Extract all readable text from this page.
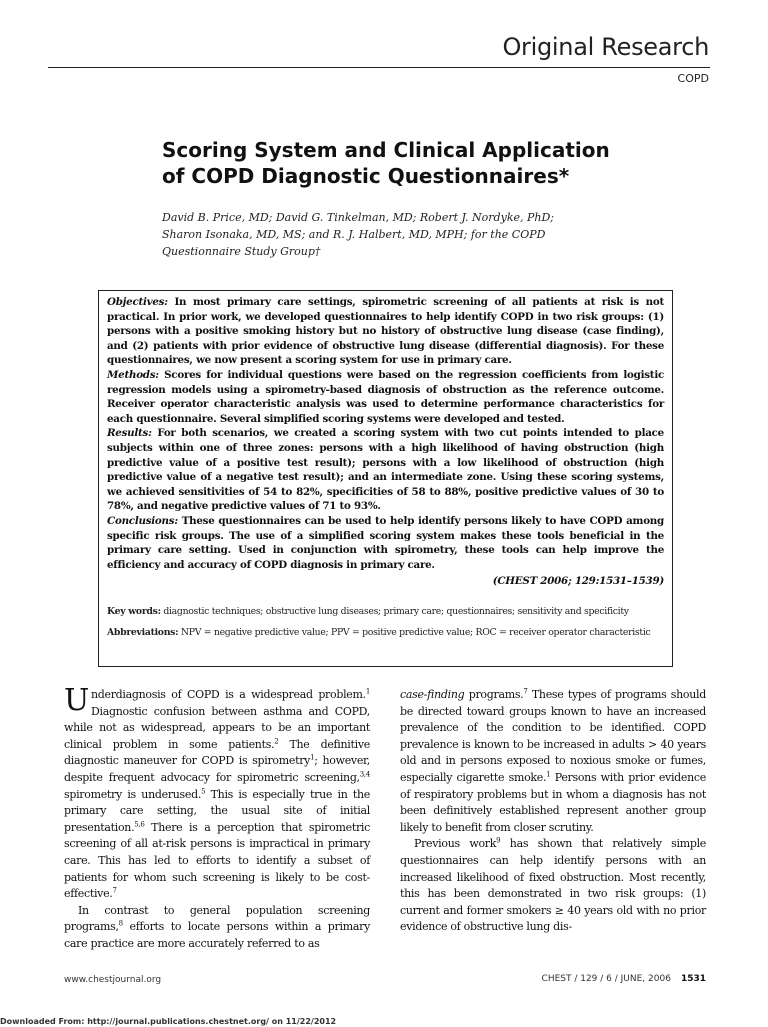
Original Research
COPD
Scoring System and Clinical Application
of COPD Diagnostic Questionnaires*
David B. Price, MD; David G. Tinkelman, MD; Robert J. Nordyke, PhD;
Sharon Isonaka, MD, MS; and R. J. Halbert, MD, MPH; for the COPD
Questionnaire Study Group†

Objectives: In most primary care settings, spirometric screening of all patients at risk is not practical. In prior work, we developed questionnaires to help identify COPD in two risk groups: (1) persons with a positive smoking history but no history of obstructive lung disease (case finding), and (2) patients with prior evidence of obstructive lung disease (differential diagnosis). For these questionnaires, we now present a scoring system for use in primary care.

Methods: Scores for individual questions were based on the regression coefficients from logistic regression models using a spirometry-based diagnosis of obstruction as the reference outcome. Receiver operator characteristic analysis was used to determine performance characteristics for each questionnaire. Several simplified scoring systems were developed and tested.

Results: For both scenarios, we created a scoring system with two cut points intended to place subjects within one of three zones: persons with a high likelihood of having obstruction (high predictive value of a positive test result); persons with a low likelihood of obstruction (high predictive value of a negative test result); and an intermediate zone. Using these scoring systems, we achieved sensitivities of 54 to 82%, specificities of 58 to 88%, positive predictive values of 30 to 78%, and negative predictive values of 71 to 93%.

Conclusions: These questionnaires can be used to help identify persons likely to have COPD among specific risk groups. The use of a simplified scoring system makes these tools beneficial in the primary care setting. Used in conjunction with spirometry, these tools can help improve the efficiency and accuracy of COPD diagnosis in primary care.

(CHEST 2006; 129:1531–1539)

Key words: diagnostic techniques; obstructive lung diseases; primary care; questionnaires; sensitivity and specificity
Abbreviations: NPV = negative predictive value; PPV = positive predictive value; ROC = receiver operator characteristic

Underdiagnosis of COPD is a widespread problem.$^1$ Diagnostic confusion between asthma and COPD, while not as widespread, appears to be an important clinical problem in some patients.$^2$ The definitive diagnostic maneuver for COPD is spirometry$^1$; however, despite frequent advocacy for spirometric screening,$^{3,4}$ spirometry is underused.$^5$ This is especially true in the primary care setting, the usual site of initial presentation.$^{5,6}$ There is a perception that spirometric screening of all at-risk persons is impractical in primary care. This has led to efforts to identify a subset of patients for whom such screening is likely to be cost-effective.$^7$

In contrast to general population screening programs,$^8$ efforts to locate persons within a primary care practice are more accurately referred to as

case-finding programs.$^7$ These types of programs should be directed toward groups known to have an increased prevalence of the condition to be identified. COPD prevalence is known to be increased in adults > 40 years old and in persons exposed to noxious smoke or fumes, especially cigarette smoke.$^1$ Persons with prior evidence of respiratory problems but in whom a diagnosis has not been definitively established represent another group likely to benefit from closer scrutiny.

Previous work$^9$ has shown that relatively simple questionnaires can help identify persons with an increased likelihood of fixed obstruction. Most recently, this has been demonstrated in two risk groups: (1) current and former smokers ≥ 40 years old with no prior evidence of obstructive lung dis-

www.chestjournal.org	CHEST / 129 / 6 / JUNE, 2006 1531
Downloaded From: http://journal.publications.chestnet.org/ on 11/22/2012
